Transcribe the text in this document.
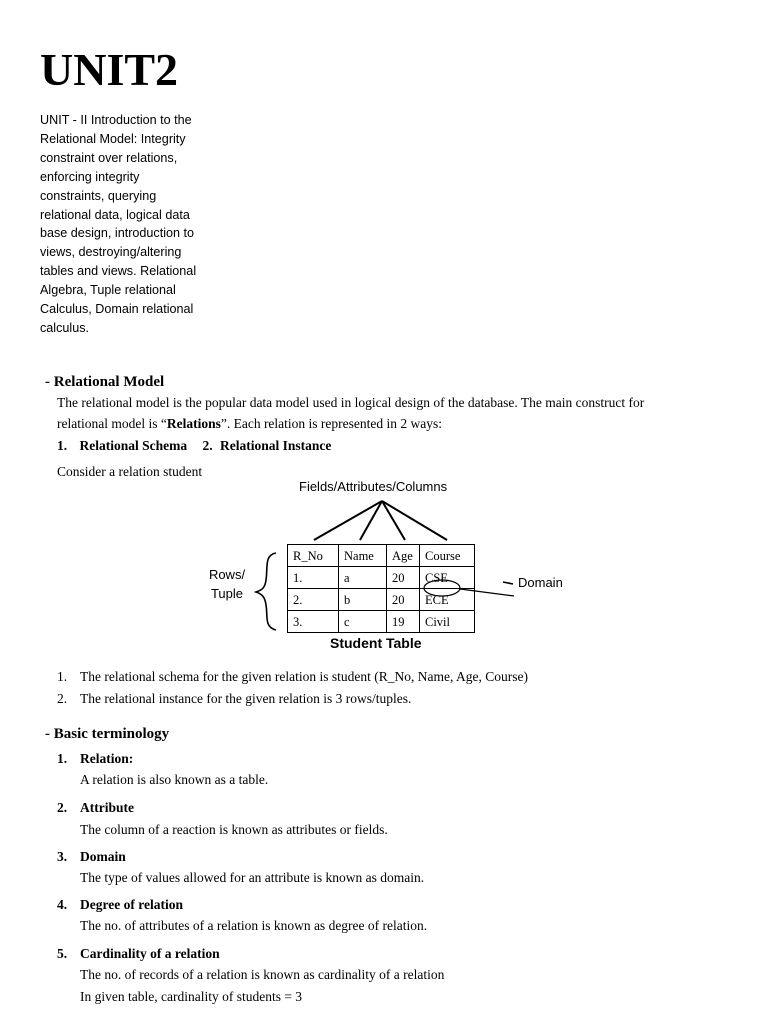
UNIT2
UNIT - II Introduction to the Relational Model: Integrity constraint over relations, enforcing integrity constraints, querying relational data, logical data base design, introduction to views, destroying/altering tables and views. Relational Algebra, Tuple relational Calculus, Domain relational calculus.
- Relational Model
The relational model is the popular data model used in logical design of the database. The main construct for
relational model is “Relations”. Each relation is represented in 2 ways:
1. Relational Schema 2. Relational Instance
Consider a relation student
Fields/Attributes/Columns
R_No	Name	Age	Course
1.	a	20	CSE
2.	b	20	ECE
3.	c	19	Civil
Rows/
Tuple
Domain
Student Table
1. The relational schema for the given relation is student (R_No, Name, Age, Course)
2. The relational instance for the given relation is 3 rows/tuples.
- Basic terminology
1. Relation:
A relation is also known as a table.
2. Attribute
The column of a reaction is known as attributes or fields.
3. Domain
The type of values allowed for an attribute is known as domain.
4. Degree of relation
The no. of attributes of a relation is known as degree of relation.
5. Cardinality of a relation
The no. of records of a relation is known as cardinality of a relation
In given table, cardinality of students = 3
